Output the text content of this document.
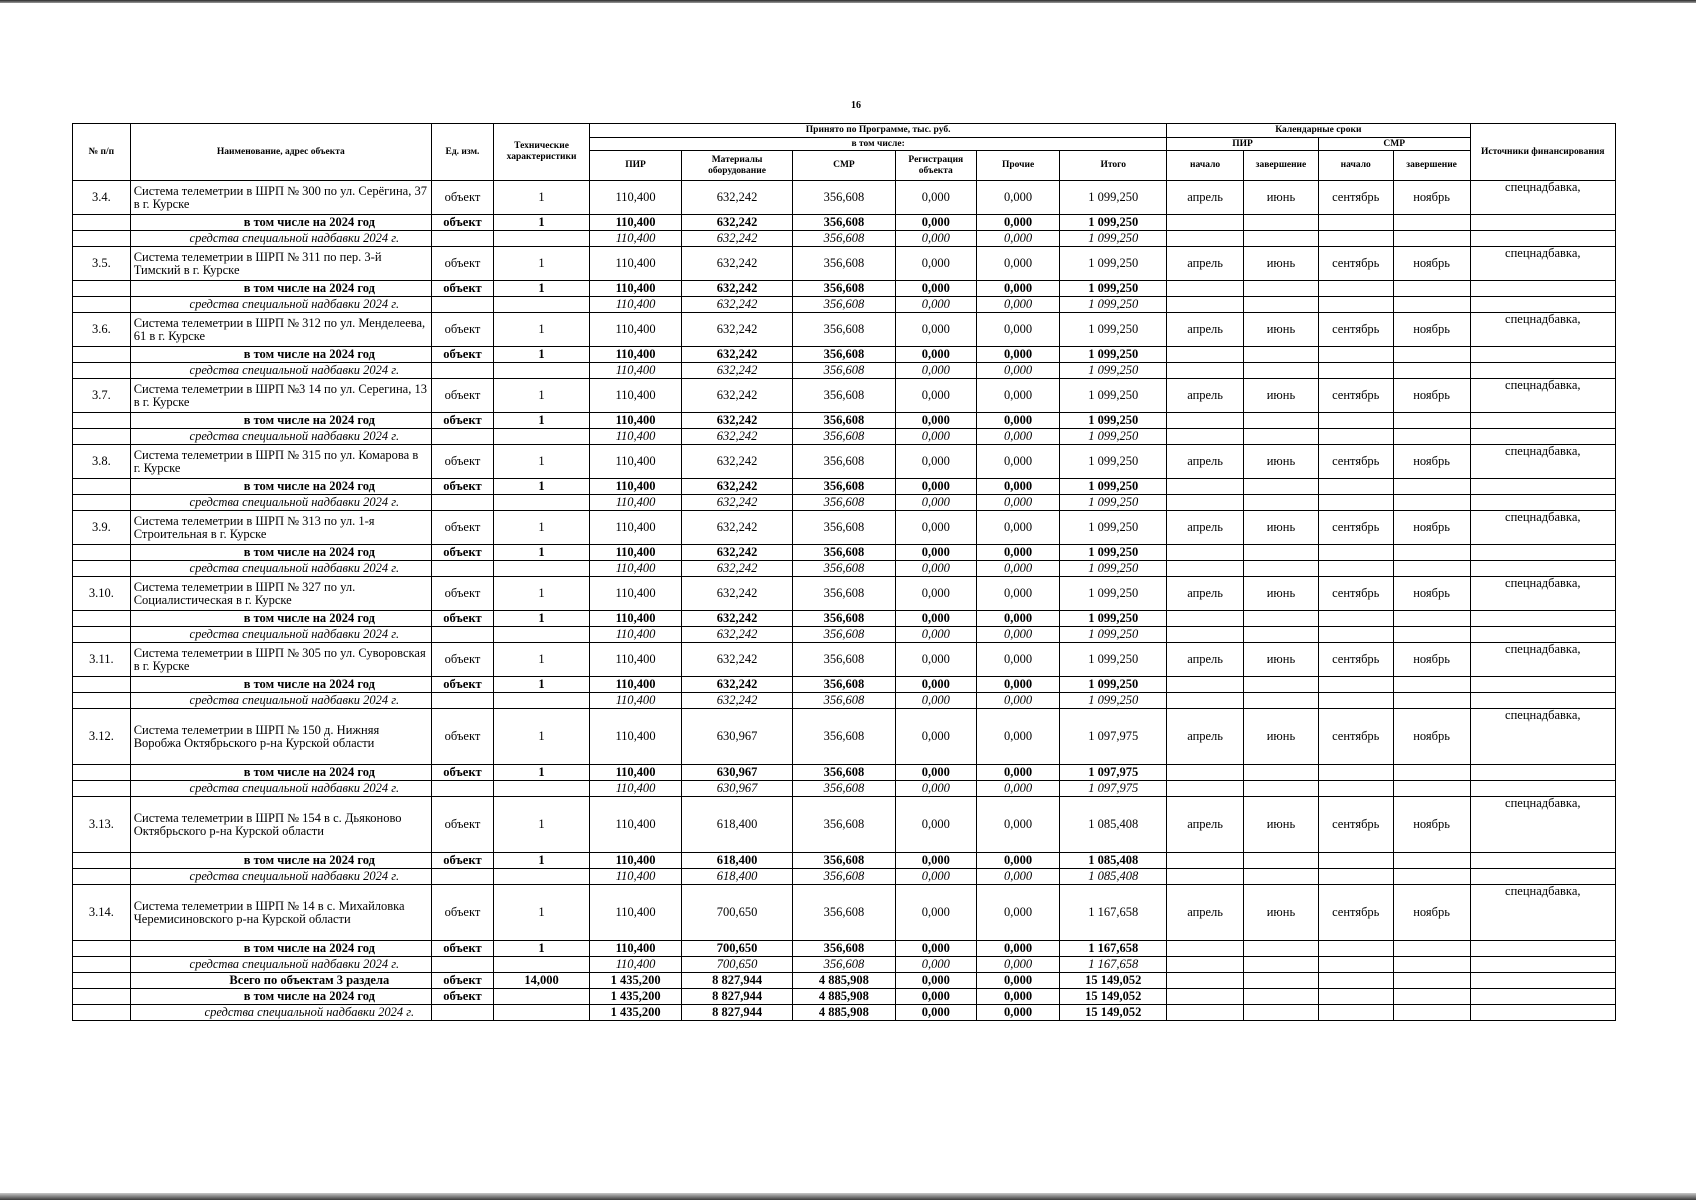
16
№ п/п	Наименование, адрес объекта	Ед. изм.	Технические характеристики	Принято по Программе, тыс. руб.						Календарные сроки				Источники финансирования
				в том числе:						ПИР		СМР		
				ПИР	Материалы оборудование	СМР	Регистрация объекта	Прочие	Итого	начало	завершение	начало	завершение	
3.4.	Система телеметрии в ШРП № 300 по ул. Серёгина, 37 в г. Курске	объект	1	110,400	632,242	356,608	0,000	0,000	1 099,250	апрель	июнь	сентябрь	ноябрь	спецнадбавка,
	в том числе на 2024 год	объект	1	110,400	632,242	356,608	0,000	0,000	1 099,250					
	средства специальной надбавки 2024 г.			110,400	632,242	356,608	0,000	0,000	1 099,250					
3.5.	Система телеметрии в ШРП № 311 по пер. 3-й Тимский в г. Курске	объект	1	110,400	632,242	356,608	0,000	0,000	1 099,250	апрель	июнь	сентябрь	ноябрь	спецнадбавка,
	в том числе на 2024 год	объект	1	110,400	632,242	356,608	0,000	0,000	1 099,250					
	средства специальной надбавки 2024 г.			110,400	632,242	356,608	0,000	0,000	1 099,250					
3.6.	Система телеметрии в ШРП № 312 по ул. Менделеева, 61 в г. Курске	объект	1	110,400	632,242	356,608	0,000	0,000	1 099,250	апрель	июнь	сентябрь	ноябрь	спецнадбавка,
	в том числе на 2024 год	объект	1	110,400	632,242	356,608	0,000	0,000	1 099,250					
	средства специальной надбавки 2024 г.			110,400	632,242	356,608	0,000	0,000	1 099,250					
3.7.	Система телеметрии в ШРП №3 14 по ул. Серегина, 13 в г. Курске	объект	1	110,400	632,242	356,608	0,000	0,000	1 099,250	апрель	июнь	сентябрь	ноябрь	спецнадбавка,
	в том числе на 2024 год	объект	1	110,400	632,242	356,608	0,000	0,000	1 099,250					
	средства специальной надбавки 2024 г.			110,400	632,242	356,608	0,000	0,000	1 099,250					
3.8.	Система телеметрии в ШРП № 315 по ул. Комарова в г. Курске	объект	1	110,400	632,242	356,608	0,000	0,000	1 099,250	апрель	июнь	сентябрь	ноябрь	спецнадбавка,
	в том числе на 2024 год	объект	1	110,400	632,242	356,608	0,000	0,000	1 099,250					
	средства специальной надбавки 2024 г.			110,400	632,242	356,608	0,000	0,000	1 099,250					
3.9.	Система телеметрии в ШРП № 313 по ул. 1-я Строительная в г. Курске	объект	1	110,400	632,242	356,608	0,000	0,000	1 099,250	апрель	июнь	сентябрь	ноябрь	спецнадбавка,
	в том числе на 2024 год	объект	1	110,400	632,242	356,608	0,000	0,000	1 099,250					
	средства специальной надбавки 2024 г.			110,400	632,242	356,608	0,000	0,000	1 099,250					
3.10.	Система телеметрии в ШРП № 327 по ул. Социалистическая в г. Курске	объект	1	110,400	632,242	356,608	0,000	0,000	1 099,250	апрель	июнь	сентябрь	ноябрь	спецнадбавка,
	в том числе на 2024 год	объект	1	110,400	632,242	356,608	0,000	0,000	1 099,250					
	средства специальной надбавки 2024 г.			110,400	632,242	356,608	0,000	0,000	1 099,250					
3.11.	Система телеметрии в ШРП № 305 по ул. Суворовская в г. Курске	объект	1	110,400	632,242	356,608	0,000	0,000	1 099,250	апрель	июнь	сентябрь	ноябрь	спецнадбавка,
	в том числе на 2024 год	объект	1	110,400	632,242	356,608	0,000	0,000	1 099,250					
	средства специальной надбавки 2024 г.			110,400	632,242	356,608	0,000	0,000	1 099,250					
3.12.	Система телеметрии в ШРП № 150 д. Нижняя Воробжа Октябрьского р-на Курской области	объект	1	110,400	630,967	356,608	0,000	0,000	1 097,975	апрель	июнь	сентябрь	ноябрь	спецнадбавка,
	в том числе на 2024 год	объект	1	110,400	630,967	356,608	0,000	0,000	1 097,975					
	средства специальной надбавки 2024 г.			110,400	630,967	356,608	0,000	0,000	1 097,975					
3.13.	Система телеметрии в ШРП № 154 в с. Дьяконово Октябрьского р-на Курской области	объект	1	110,400	618,400	356,608	0,000	0,000	1 085,408	апрель	июнь	сентябрь	ноябрь	спецнадбавка,
	в том числе на 2024 год	объект	1	110,400	618,400	356,608	0,000	0,000	1 085,408					
	средства специальной надбавки 2024 г.			110,400	618,400	356,608	0,000	0,000	1 085,408					
3.14.	Система телеметрии в ШРП № 14 в с. Михайловка Черемисиновского р-на Курской области	объект	1	110,400	700,650	356,608	0,000	0,000	1 167,658	апрель	июнь	сентябрь	ноябрь	спецнадбавка,
	в том числе на 2024 год	объект	1	110,400	700,650	356,608	0,000	0,000	1 167,658					
	средства специальной надбавки 2024 г.			110,400	700,650	356,608	0,000	0,000	1 167,658					
	Всего по объектам 3 раздела	объект	14,000	1 435,200	8 827,944	4 885,908	0,000	0,000	15 149,052					
	в том числе на 2024 год	объект		1 435,200	8 827,944	4 885,908	0,000	0,000	15 149,052					
	средства специальной надбавки 2024 г.			1 435,200	8 827,944	4 885,908	0,000	0,000	15 149,052					
